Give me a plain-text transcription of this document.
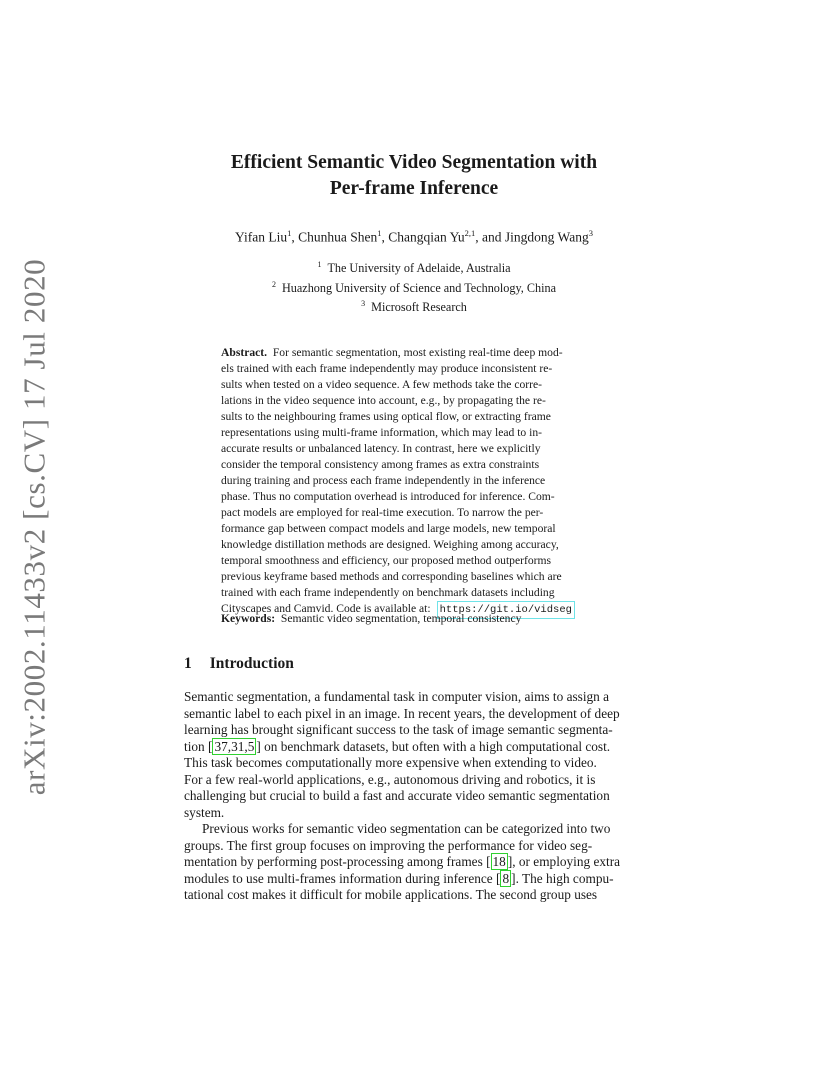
arXiv:2002.11433v2 [cs.CV] 17 Jul 2020
Efficient Semantic Video Segmentation with
Per-frame Inference
Yifan Liu$^1$, Chunhua Shen$^1$, Changqian Yu$^{2,1}$, and Jingdong Wang$^3$
$^1$ The University of Adelaide, Australia
$^2$ Huazhong University of Science and Technology, China
$^3$ Microsoft Research
Abstract. For semantic segmentation, most existing real-time deep mod-
els trained with each frame independently may produce inconsistent re-
sults when tested on a video sequence. A few methods take the corre-
lations in the video sequence into account, e.g., by propagating the re-
sults to the neighbouring frames using optical flow, or extracting frame
representations using multi-frame information, which may lead to in-
accurate results or unbalanced latency. In contrast, here we explicitly
consider the temporal consistency among frames as extra constraints
during training and process each frame independently in the inference
phase. Thus no computation overhead is introduced for inference. Com-
pact models are employed for real-time execution. To narrow the per-
formance gap between compact models and large models, new temporal
knowledge distillation methods are designed. Weighing among accuracy,
temporal smoothness and efficiency, our proposed method outperforms
previous keyframe based methods and corresponding baselines which are
trained with each frame independently on benchmark datasets including
Cityscapes and Camvid. Code is available at: https://git.io/vidseg
Keywords: Semantic video segmentation, temporal consistency
1 Introduction
Semantic segmentation, a fundamental task in computer vision, aims to assign a
semantic label to each pixel in an image. In recent years, the development of deep
learning has brought significant success to the task of image semantic segmenta-
tion [ 37,31,5 ] on benchmark datasets, but often with a high computational cost.
This task becomes computationally more expensive when extending to video.
For a few real-world applications, e.g., autonomous driving and robotics, it is
challenging but crucial to build a fast and accurate video semantic segmentation
system.
Previous works for semantic video segmentation can be categorized into two
groups. The first group focuses on improving the performance for video seg-
mentation by performing post-processing among frames [ 18 ], or employing extra
modules to use multi-frames information during inference [ 8 ]. The high compu-
tational cost makes it difficult for mobile applications. The second group uses
